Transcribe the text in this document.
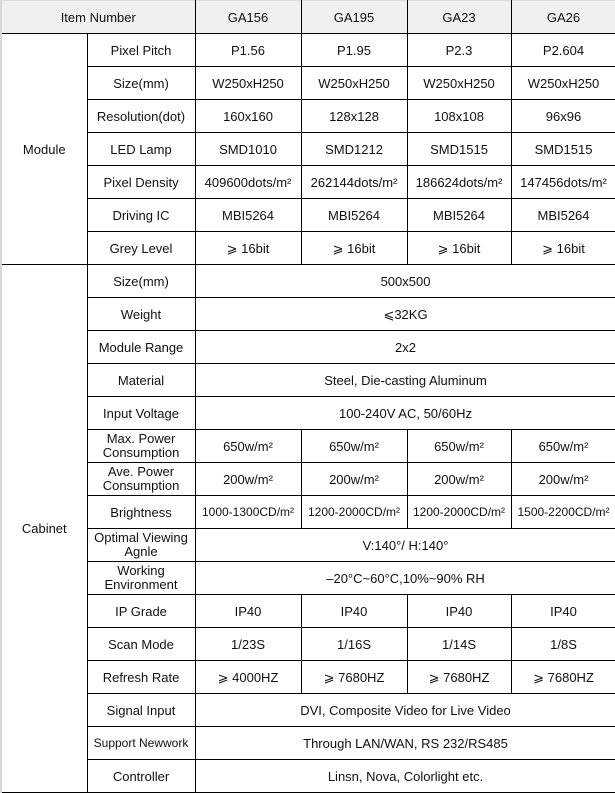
Item Number		GA156	GA195	GA23	GA26
Module	Pixel Pitch	P1.56	P1.95	P2.3	P2.604
	Size(mm)	W250xH250	W250xH250	W250xH250	W250xH250
	Resolution(dot)	160x160	128x128	108x108	96x96
	LED Lamp	SMD1010	SMD1212	SMD1515	SMD1515
	Pixel Density	409600dots/m²	262144dots/m²	186624dots/m²	147456dots/m²
	Driving IC	MBI5264	MBI5264	MBI5264	MBI5264
	Grey Level	⩾ 16bit	⩾ 16bit	⩾ 16bit	⩾ 16bit
Cabinet	Size(mm)	500x500			
	Weight	⩽32KG			
	Module Range	2x2			
	Material	Steel, Die-casting Aluminum			
	Input Voltage	100-240V AC, 50/60Hz			
	Max. Power Consumption	650w/m²	650w/m²	650w/m²	650w/m²
	Ave. Power Consumption	200w/m²	200w/m²	200w/m²	200w/m²
	Brightness	1000-1300CD/m²	1200-2000CD/m²	1200-2000CD/m²	1500-2200CD/m²
	Optimal Viewing Agnle	V:140°/ H:140°			
	Working Environment	–20°C~60°C,10%~90% RH			
	IP Grade	IP40	IP40	IP40	IP40
	Scan Mode	1/23S	1/16S	1/14S	1/8S
	Refresh Rate	⩾ 4000HZ	⩾ 7680HZ	⩾ 7680HZ	⩾ 7680HZ
	Signal Input	DVI, Composite Video for Live Video			
	Support Newwork	Through LAN/WAN, RS 232/RS485			
	Controller	Linsn, Nova, Colorlight etc.			
